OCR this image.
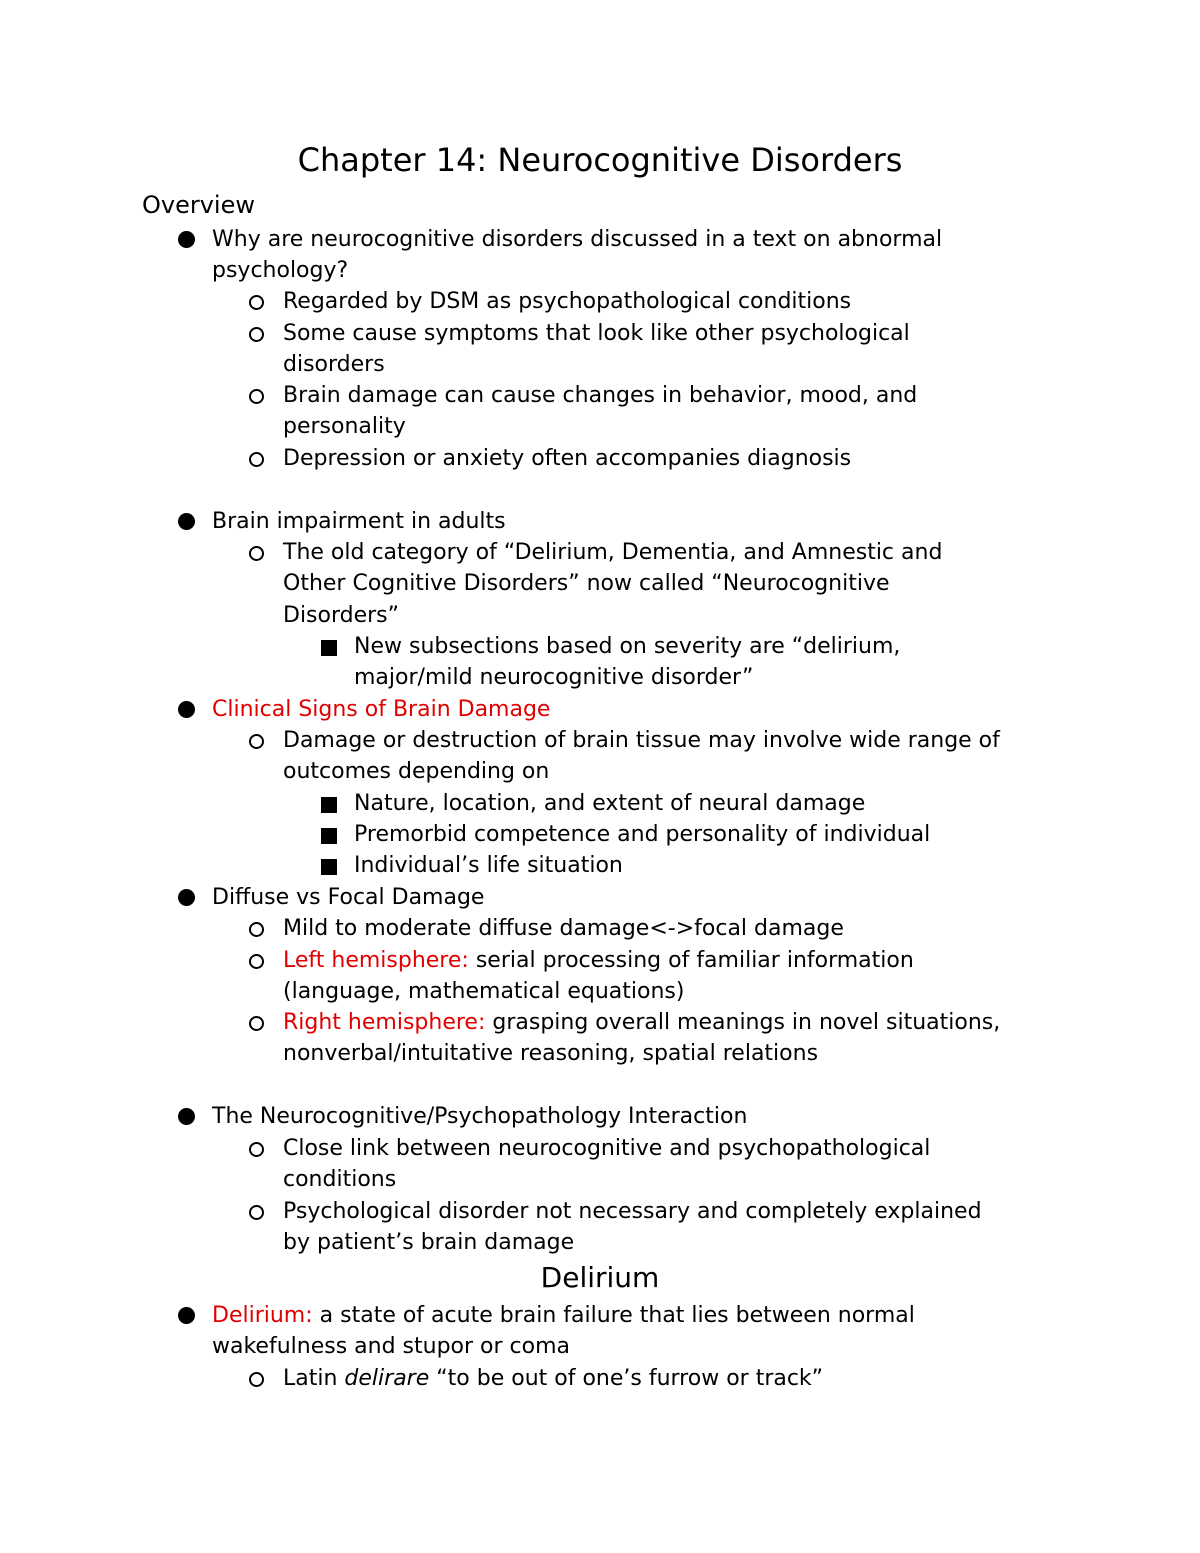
Chapter 14: Neurocognitive Disorders
Overview
Why are neurocognitive disorders discussed in a text on abnormal
psychology?
Regarded by DSM as psychopathological conditions
Some cause symptoms that look like other psychological
disorders
Brain damage can cause changes in behavior, mood, and
personality
Depression or anxiety often accompanies diagnosis
Brain impairment in adults
The old category of “Delirium, Dementia, and Amnestic and
Other Cognitive Disorders” now called “Neurocognitive
Disorders”
New subsections based on severity are “delirium,
major/mild neurocognitive disorder”
Clinical Signs of Brain Damage
Damage or destruction of brain tissue may involve wide range of
outcomes depending on
Nature, location, and extent of neural damage
Premorbid competence and personality of individual
Individual’s life situation
Diffuse vs Focal Damage
Mild to moderate diffuse damage<->focal damage
Left hemisphere: serial processing of familiar information
(language, mathematical equations)
Right hemisphere: grasping overall meanings in novel situations,
nonverbal/intuitative reasoning, spatial relations
The Neurocognitive/Psychopathology Interaction
Close link between neurocognitive and psychopathological
conditions
Psychological disorder not necessary and completely explained
by patient’s brain damage
Delirium
Delirium: a state of acute brain failure that lies between normal
wakefulness and stupor or coma
Latin delirare “to be out of one’s furrow or track”
